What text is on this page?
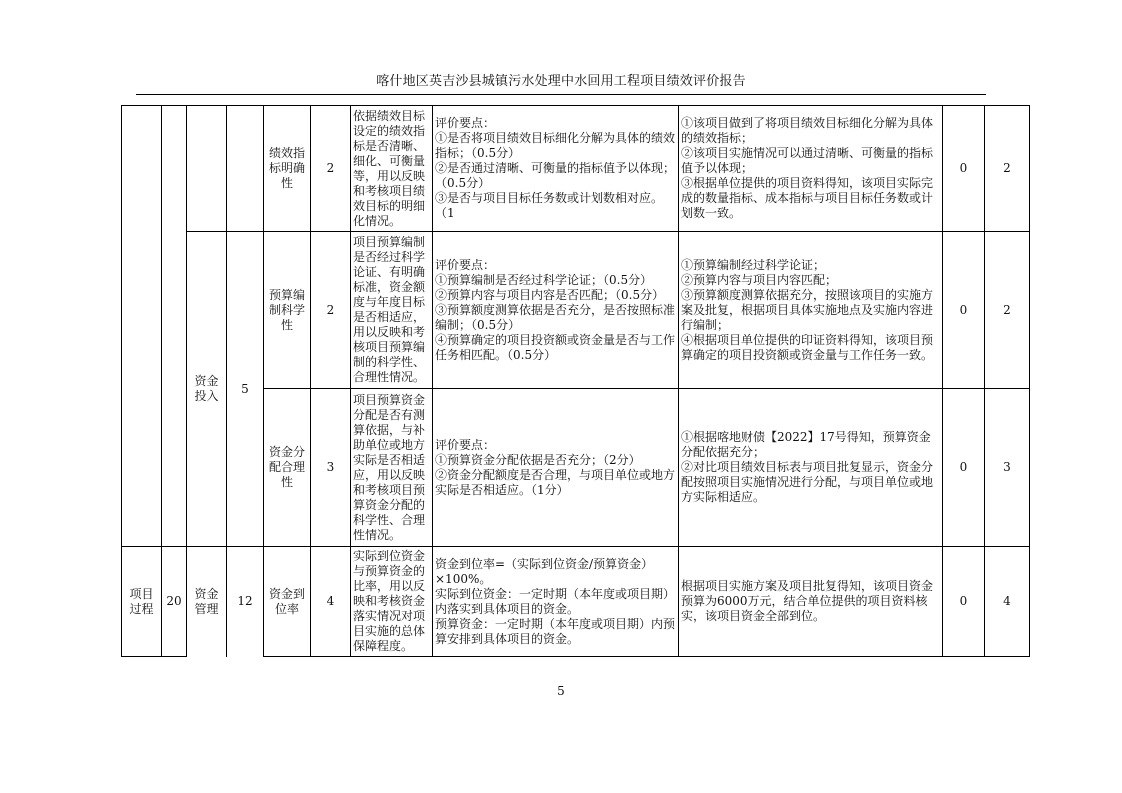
喀什地区英吉沙县城镇污水处理中水回用工程项目绩效评价报告
				绩效指标明确性	2	依据绩效目标设定的绩效指标是否清晰、细化、可衡量等，用以反映和考核项目绩效目标的明细化情况。	评价要点：
①是否将项目绩效目标细化分解为具体的绩效指标；（0.5分）
②是否通过清晰、可衡量的指标值予以体现；（0.5分）
③是否与项目目标任务数或计划数相对应。（1	①该项目做到了将项目绩效目标细化分解为具体的绩效指标；
②该项目实施情况可以通过清晰、可衡量的指标值予以体现；
③根据单位提供的项目资料得知，该项目实际完成的数量指标、成本指标与项目目标任务数或计划数一致。	0	2
		资金投入	5	预算编制科学性	2	项目预算编制是否经过科学论证、有明确标准，资金额度与年度目标是否相适应，用以反映和考核项目预算编制的科学性、合理性情况。	评价要点：
①预算编制是否经过科学论证；（0.5分）
②预算内容与项目内容是否匹配；（0.5分）
③预算额度测算依据是否充分，是否按照标准编制；（0.5分）
④预算确定的项目投资额或资金量是否与工作任务相匹配。（0.5分）	①预算编制经过科学论证；
②预算内容与项目内容匹配；
③预算额度测算依据充分，按照该项目的实施方案及批复，根据项目具体实施地点及实施内容进行编制；
④根据项目单位提供的印证资料得知，该项目预算确定的项目投资额或资金量与工作任务一致。	0	2
				资金分配合理性	3	项目预算资金分配是否有测算依据，与补助单位或地方实际是否相适应，用以反映和考核项目预算资金分配的科学性、合理性情况。	评价要点：
①预算资金分配依据是否充分；（2分）
②资金分配额度是否合理，与项目单位或地方实际是否相适应。（1分）	①根据喀地财债【2022】17号得知，预算资金分配依据充分；
②对比项目绩效目标表与项目批复显示，资金分配按照项目实施情况进行分配，与项目单位或地方实际相适应。	0	3
项目过程	20	资金管理	12	资金到位率	4	实际到位资金与预算资金的比率，用以反映和考核资金落实情况对项目实施的总体保障程度。	资金到位率=（实际到位资金/预算资金）×100%。
实际到位资金：一定时期（本年度或项目期）内落实到具体项目的资金。
预算资金：一定时期（本年度或项目期）内预算安排到具体项目的资金。	根据项目实施方案及项目批复得知，该项目资金预算为6000万元，结合单位提供的项目资料核实，该项目资金全部到位。	0	4
5
